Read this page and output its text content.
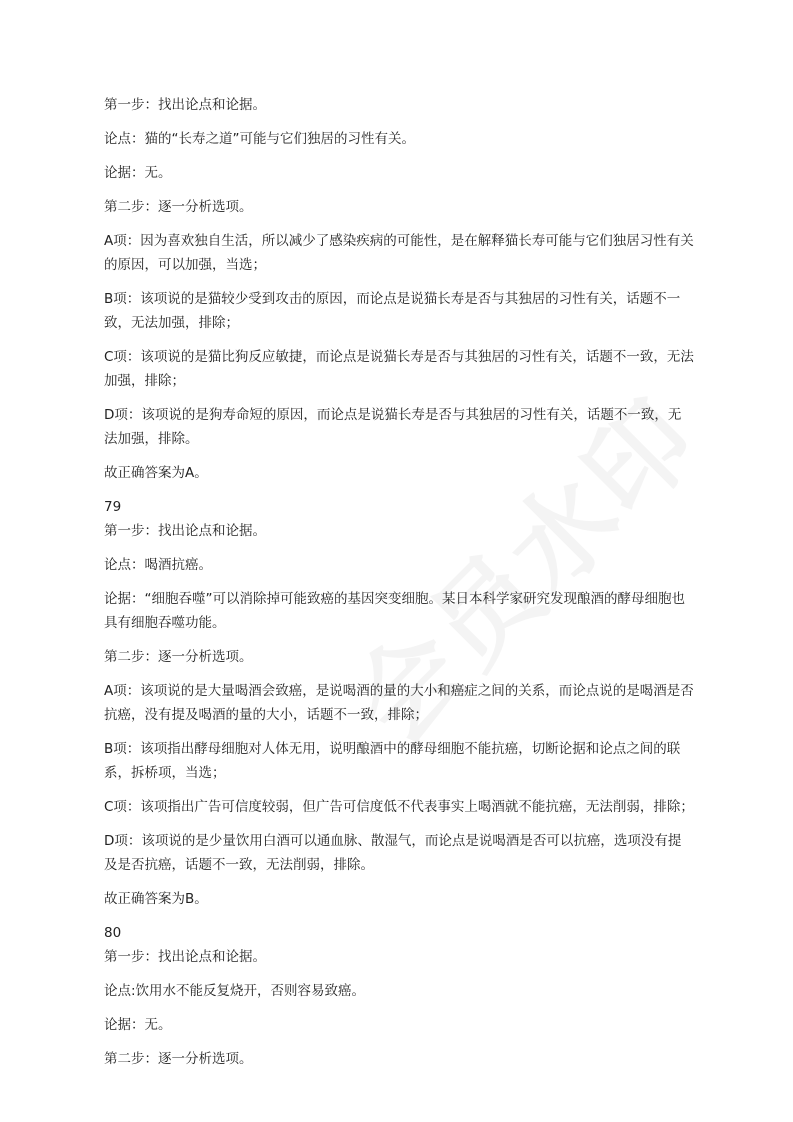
第一步：找出论点和论据。

论点：猫的“长寿之道”可能与它们独居的习性有关。

论据：无。

第二步：逐一分析选项。

A项：因为喜欢独自生活，所以减少了感染疾病的可能性，是在解释猫长寿可能与它们独居习性有关的原因，可以加强，当选；

B项：该项说的是猫较少受到攻击的原因，而论点是说猫长寿是否与其独居的习性有关，话题不一致，无法加强，排除；

C项：该项说的是猫比狗反应敏捷，而论点是说猫长寿是否与其独居的习性有关，话题不一致，无法加强，排除；

D项：该项说的是狗寿命短的原因，而论点是说猫长寿是否与其独居的习性有关，话题不一致，无法加强，排除。

故正确答案为A。

79

第一步：找出论点和论据。

论点：喝酒抗癌。

论据：“细胞吞噬”可以消除掉可能致癌的基因突变细胞。某日本科学家研究发现酿酒的酵母细胞也具有细胞吞噬功能。

第二步：逐一分析选项。

A项：该项说的是大量喝酒会致癌，是说喝酒的量的大小和癌症之间的关系，而论点说的是喝酒是否抗癌，没有提及喝酒的量的大小，话题不一致，排除；

B项：该项指出酵母细胞对人体无用，说明酿酒中的酵母细胞不能抗癌，切断论据和论点之间的联系，拆桥项，当选；

C项：该项指出广告可信度较弱，但广告可信度低不代表事实上喝酒就不能抗癌，无法削弱，排除；

D项：该项说的是少量饮用白酒可以通血脉、散湿气，而论点是说喝酒是否可以抗癌，选项没有提及是否抗癌，话题不一致，无法削弱，排除。

故正确答案为B。

80

第一步：找出论点和论据。

论点:饮用水不能反复烧开，否则容易致癌。

论据：无。

第二步：逐一分析选项。
